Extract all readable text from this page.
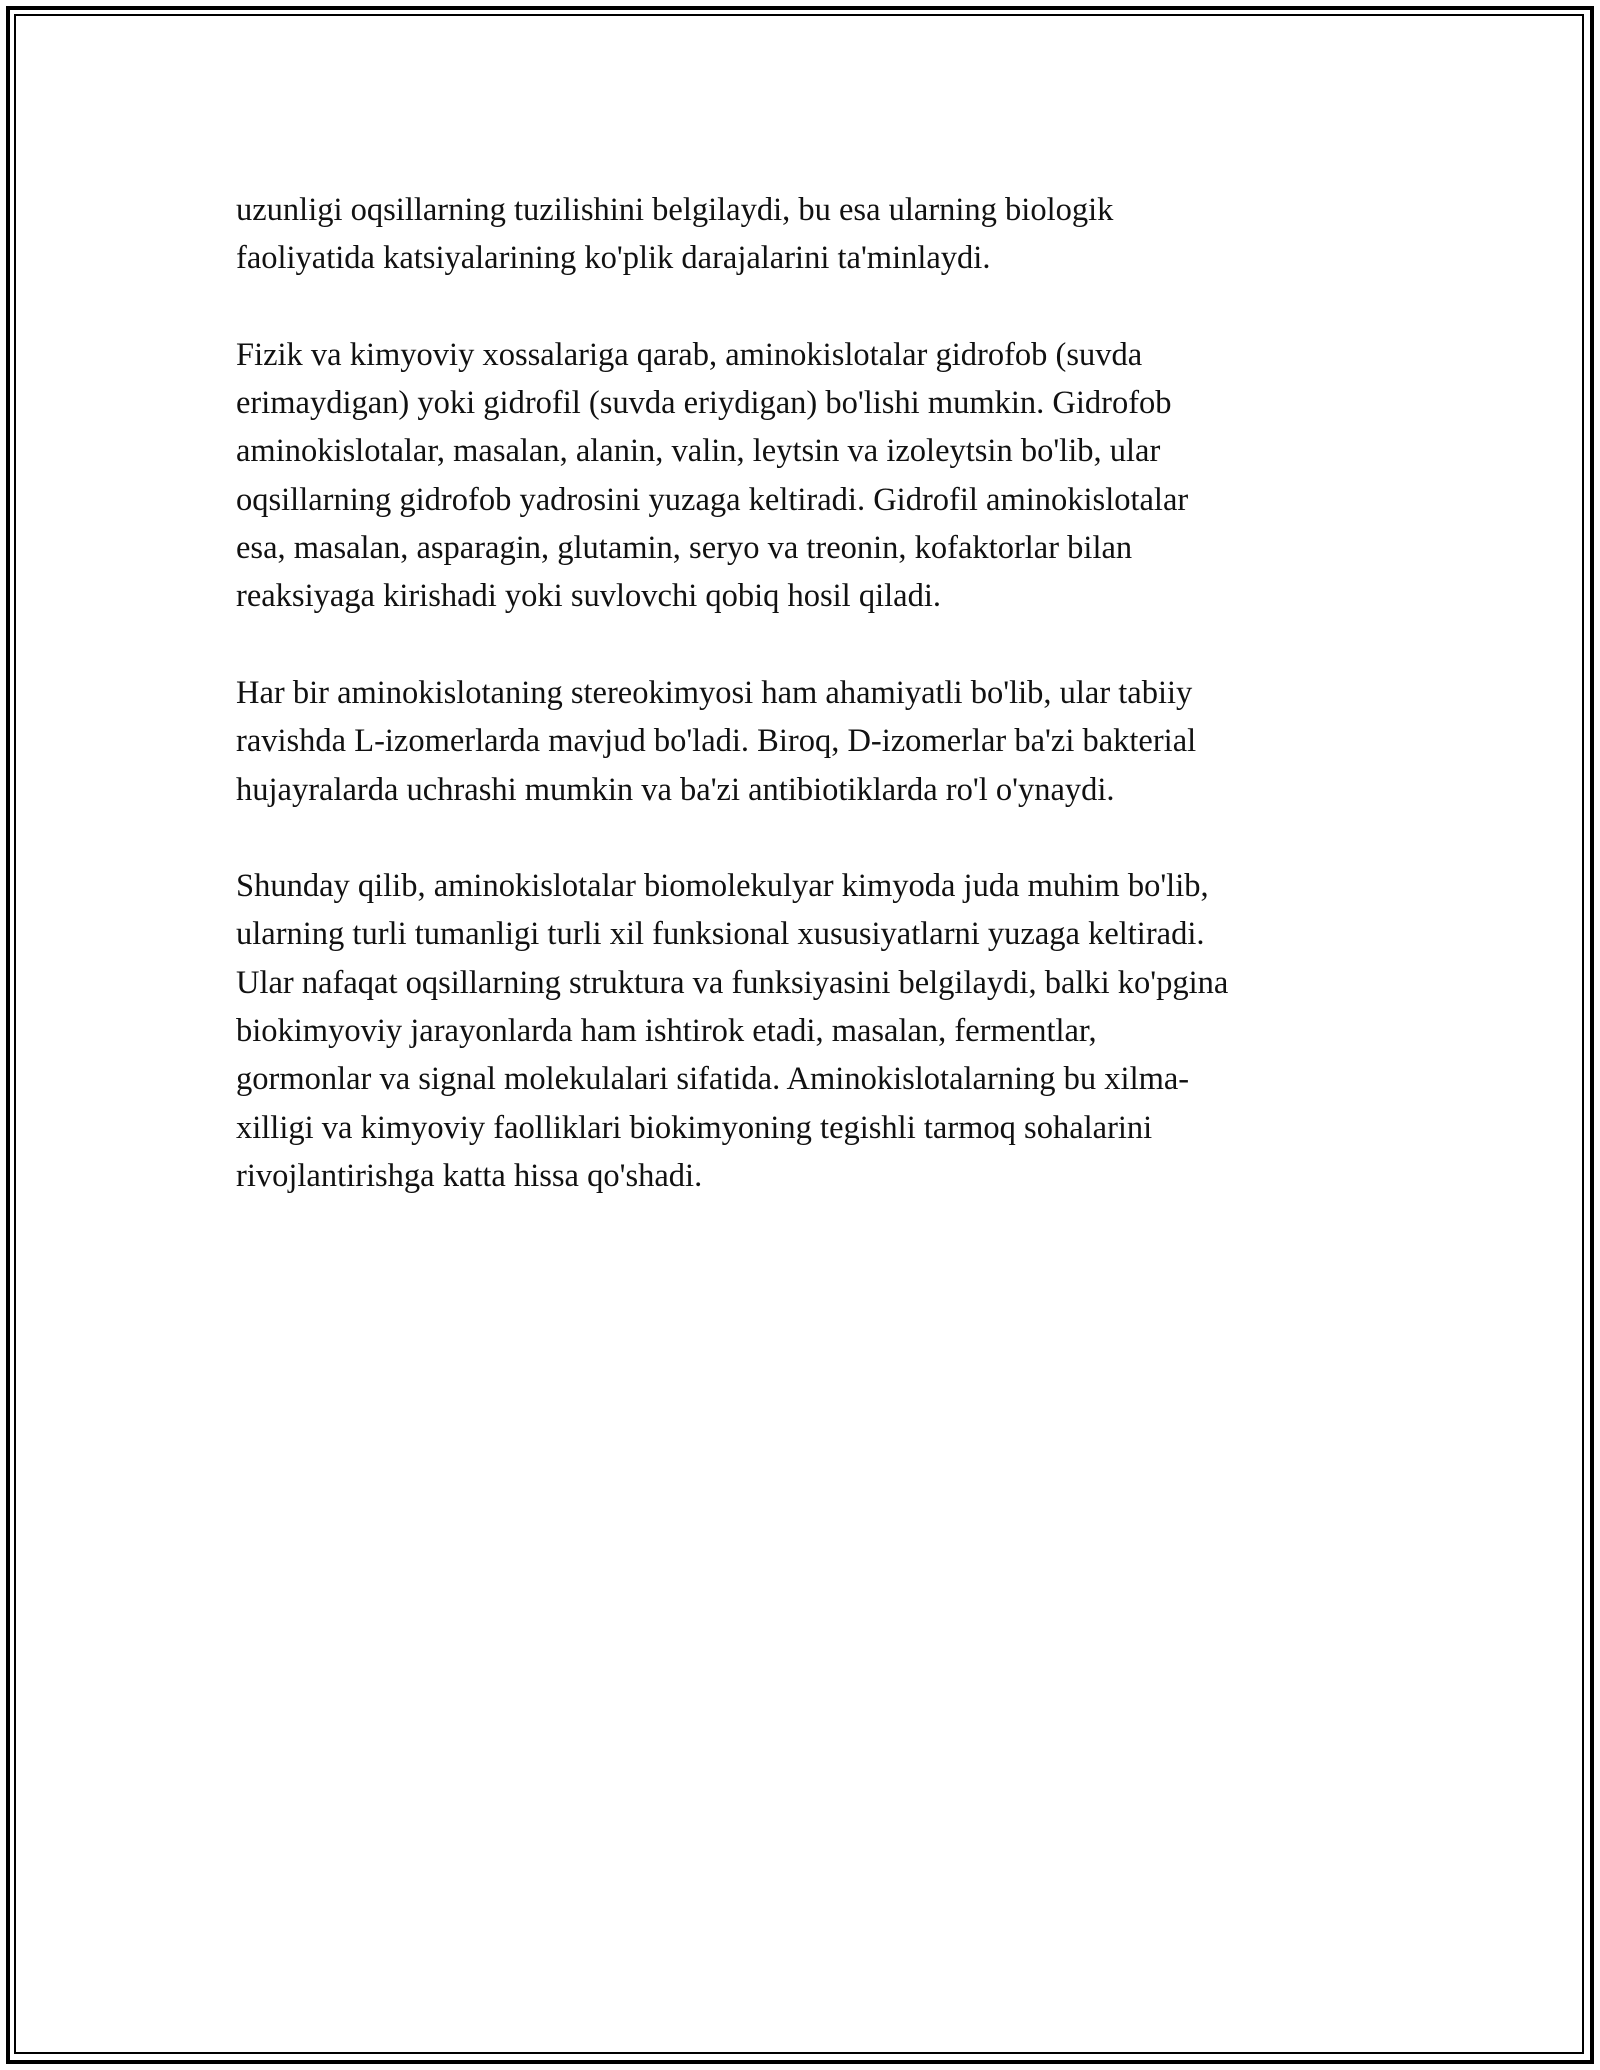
uzunligi oqsillarning tuzilishini belgilaydi, bu esa ularning biologik
faoliyatida katsiyalarining ko'plik darajalarini ta'minlaydi.

Fizik va kimyoviy xossalariga qarab, aminokislotalar gidrofob (suvda
erimaydigan) yoki gidrofil (suvda eriydigan) bo'lishi mumkin. Gidrofob
aminokislotalar, masalan, alanin, valin, leytsin va izoleytsin bo'lib, ular
oqsillarning gidrofob yadrosini yuzaga keltiradi. Gidrofil aminokislotalar
esa, masalan, asparagin, glutamin, seryo va treonin, kofaktorlar bilan
reaksiyaga kirishadi yoki suvlovchi qobiq hosil qiladi.

Har bir aminokislotaning stereokimyosi ham ahamiyatli bo'lib, ular tabiiy
ravishda L-izomerlarda mavjud bo'ladi. Biroq, D-izomerlar ba'zi bakterial
hujayralarda uchrashi mumkin va ba'zi antibiotiklarda ro'l o'ynaydi.

Shunday qilib, aminokislotalar biomolekulyar kimyoda juda muhim bo'lib,
ularning turli tumanligi turli xil funksional xususiyatlarni yuzaga keltiradi.
Ular nafaqat oqsillarning struktura va funksiyasini belgilaydi, balki ko'pgina
biokimyoviy jarayonlarda ham ishtirok etadi, masalan, fermentlar,
gormonlar va signal molekulalari sifatida. Aminokislotalarning bu xilma-
xilligi va kimyoviy faolliklari biokimyoning tegishli tarmoq sohalarini
rivojlantirishga katta hissa qo'shadi.
